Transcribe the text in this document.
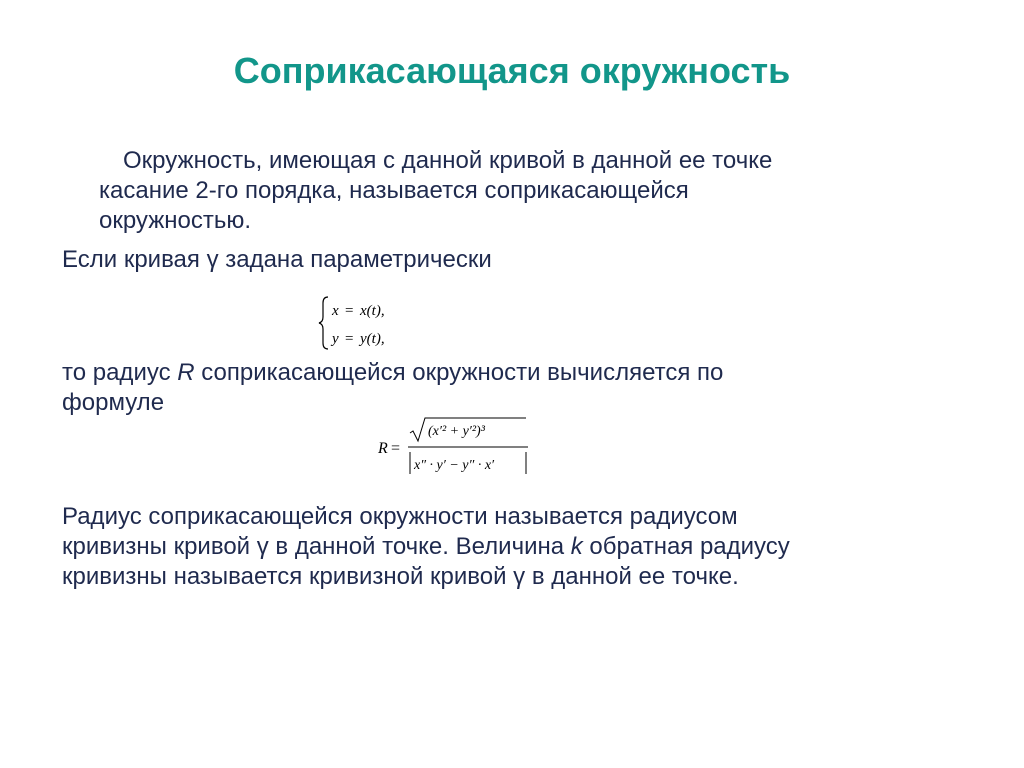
Соприкасающаяся окружность
Окружность, имеющая с данной кривой в данной ее точке
касание 2-го порядка, называется соприкасающейся
окружностью.
Если кривая γ задана параметрически
x = x(t),
y = y(t),
то радиус R соприкасающейся окружности вычисляется по
формуле
R =
(x′² + y′²)³
x″ · y′ − y″ · x′
Радиус соприкасающейся окружности называется радиусом
кривизны кривой γ в данной точке. Величина k обратная радиусу
кривизны называется кривизной кривой γ в данной ее точке.
